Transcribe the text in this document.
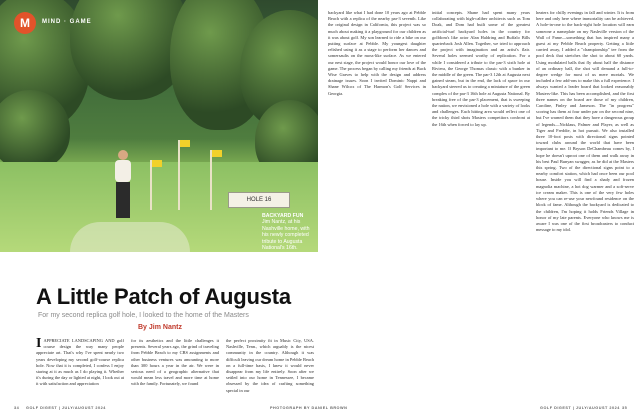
HOLE 16
M	MIND · GAME
BACKYARD FUN
Jim Nantz, at his Nashville home, with his newly completed tribute to Augusta National's 16th.
A Little Patch of Augusta
For my second replica golf hole, I looked to the home of the Masters
By Jim Nantz
I APPRECIATE LANDSCAPING AND golf course design the way many people appreciate art. That's why I've spent nearly two years developing my second golf-course replica hole. Now that it is completed, I confess I enjoy staring at it as much as I do playing it. Whether it's during the day or lighted at night, I look out at it with satisfaction and appreciation
for its aesthetics and the little challenges it presents. Several years ago, the grind of traveling from Pebble Beach to my CBS assignments and other business ventures was amounting to more than 300 hours a year in the air. We were in serious need of a geographic alternative that would mean less travel and more time at home with the family. Fortunately, we found
the perfect proximity fit in Music City, USA. Nashville, Tenn., which arguably is the nicest community in the country. Although it was difficult leaving our dream home in Pebble Beach on a full-time basis, I knew it would never disappear from my life entirely. Soon after we settled into our home in Tennessee, I became obsessed by the idea of crafting something special in our
backyard like what I had done 10 years ago at Pebble Beach with a replica of the nearby par-3 seventh. Like the original design in California, this project was so much about making it a playground for our children as it was about golf. My son learned to ride a bike on our putting surface at Pebble. My youngest daughter relished using it as a stage to perform her dances and somersaults on the moss-like surface. As we entered our nest stage, the project would honor our love of the game. The process began by calling my friends at Buck Wise Graves to help with the design and address drainage issues. Soon I invited Dominic Nappi and Shane Wilcox of The Harmon's Golf Services in Georgia.
initial concepts. Shane had spent many years collaborating with high-caliber architects such as Tom Doak, and Dom had built some of the greatest artificial-turf backyard holes in the country for golfdom's like actor Alan Haldring and Buffalo Bills quarterback Josh Allen. Together, we tried to approach the project with imagination and an artist's flair. Several holes seemed worthy of replication. For a while I considered a tribute to the par-3 sixth hole at Riviera, the George Thomas classic with a bunker in the middle of the green. The par-3 12th at Augusta next gained steam, but in the end, the lack of space in our backyard steered us to creating a miniature of the green complex of the par-3 16th hole at Augusta National. By breaking free of the par-3 placement, that is sweeping the nation, we envisioned a hole with a variety of looks and challenges. Each hitting area would reflect one of the tricky third shots Masters competitors confront at the 16th when forced to lay up.
heaters for chilly evenings in fall and winter. It is from here and only here where immortality can be achieved. A hole-in-one to the back-right hole location will earn someone a nameplate on my Nashville version of the Wall of Fame—something that has inspired many a guest at my Pebble Beach property. Getting a little carried away, I added a "championship" tee from the pool deck that stretches the shot to about 60 yards. Using modulated balls that fly about half the distance of an ordinary ball, the shot will demand a full-to-degree wedge for most of us mere mortals. We included a few add-ons to make this a full experience. I always wanted a leader board that looked reasonably Masters-like. This has been accomplished, and the first three names on the board are those of my children, Caroline, Finley and Jameson. The "in progress" scoring has them at four under par on the second nine, but I've warned them that they have a dangerous group of legends—Nicklaus, Palmer and Player, as well as Tiger and Freddie, in hot pursuit. We also installed three 10-foot posts with directional signs pointed toward clubs around the world that have been important to me. If Bryson DeChambeau comes by, I hope he doesn't uproot one of them and walk away in his best Paul Bunyan swagger, as he did at the Masters this spring. Two of the directional signs point to a nearby comfort station, which had once been our pool house. Inside you will find a shady and frozen magnolia machine, a hot dog warmer and a soft-serve ice cream maker. This is one of the very few holes where you can re-use your newfound residence on the block of fame. Although the backyard is dedicated to the children, I'm hoping it holds Friends Village in honor of my late parents. Everyone who knows me is aware I was one of the first broadcasters to conduct message to my idol.
34 GOLF DIGEST | JULY/AUGUST 2024	PHOTOGRAPH BY DANIEL BROWN	GOLF DIGEST | JULY/AUGUST 2024 35
